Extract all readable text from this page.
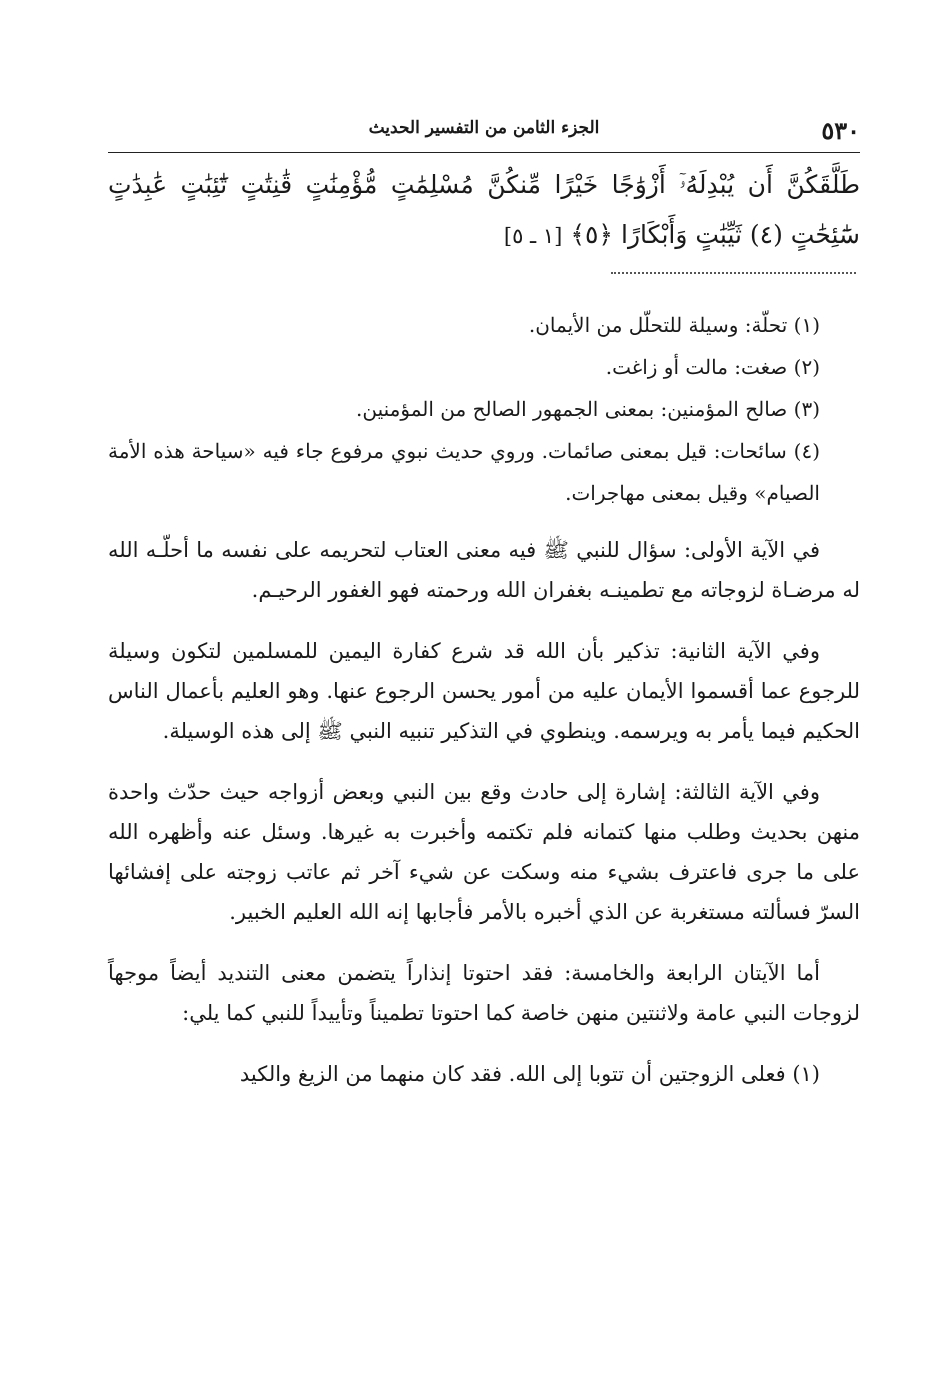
٥٣٠
الجزء الثامن من التفسير الحديث
طَلَّقَكُنَّ أَن يُبْدِلَهُۥٓ أَزْوَٰجًا خَيْرًا مِّنكُنَّ مُسْلِمَٰتٍ مُّؤْمِنَٰتٍ قَٰنِتَٰتٍ تَٰٓئِبَٰتٍ عَٰبِدَٰتٍ سَٰٓئِحَٰتٍ (٤) ثَيِّبَٰتٍ وَأَبْكَارًا ﴿٥﴾ [١ ـ ٥]

(١) تحلّة: وسيلة للتحلّل من الأيمان.

(٢) صغت: مالت أو زاغت.

(٣) صالح المؤمنين: بمعنى الجمهور الصالح من المؤمنين.

(٤) سائحات: قيل بمعنى صائمات. وروي حديث نبوي مرفوع جاء فيه «سياحة هذه الأمة الصيام» وقيل بمعنى مهاجرات.

في الآية الأولى: سؤال للنبي ﷺ فيه معنى العتاب لتحريمه على نفسه ما أحلّـه الله له مرضـاة لزوجاته مع تطمينـه بغفران الله ورحمته فهو الغفور الرحيـم.

وفي الآية الثانية: تذكير بأن الله قد شرع كفارة اليمين للمسلمين لتكون وسيلة للرجوع عما أقسموا الأيمان عليه من أمور يحسن الرجوع عنها. وهو العليم بأعمال الناس الحكيم فيما يأمر به ويرسمه. وينطوي في التذكير تنبيه النبي ﷺ إلى هذه الوسيلة.

وفي الآية الثالثة: إشارة إلى حادث وقع بين النبي وبعض أزواجه حيث حدّث واحدة منهن بحديث وطلب منها كتمانه فلم تكتمه وأخبرت به غيرها. وسئل عنه وأظهره الله على ما جرى فاعترف بشيء منه وسكت عن شيء آخر ثم عاتب زوجته على إفشائها السرّ فسألته مستغربة عن الذي أخبره بالأمر فأجابها إنه الله العليم الخبير.

أما الآيتان الرابعة والخامسة: فقد احتوتا إنذاراً يتضمن معنى التنديد أيضاً موجهاً لزوجات النبي عامة ولاثنتين منهن خاصة كما احتوتا تطميناً وتأييداً للنبي كما يلي:

(١) فعلى الزوجتين أن تتوبا إلى الله. فقد كان منهما من الزيغ والكيد
